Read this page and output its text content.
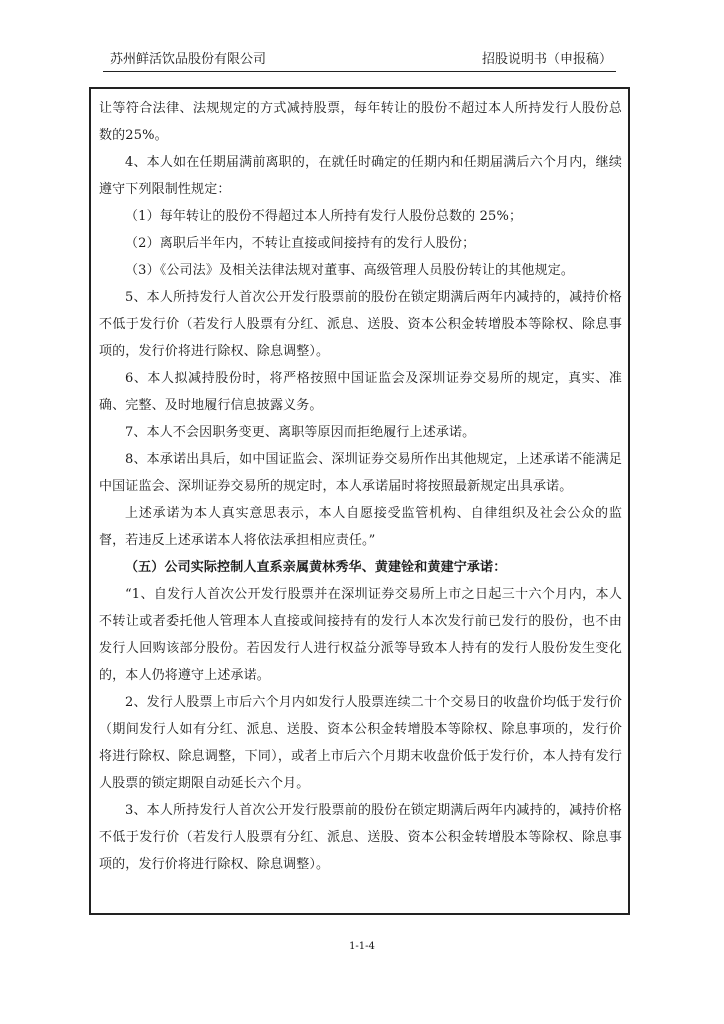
苏州鲜活饮品股份有限公司	招股说明书（申报稿）

让等符合法律、法规规定的方式减持股票，每年转让的股份不超过本人所持发行人股份总数的25%。

4、本人如在任期届满前离职的，在就任时确定的任期内和任期届满后六个月内，继续遵守下列限制性规定：

（1）每年转让的股份不得超过本人所持有发行人股份总数的 25%；

（2）离职后半年内，不转让直接或间接持有的发行人股份；

（3）《公司法》及相关法律法规对董事、高级管理人员股份转让的其他规定。

5、本人所持发行人首次公开发行股票前的股份在锁定期满后两年内减持的，减持价格不低于发行价（若发行人股票有分红、派息、送股、资本公积金转增股本等除权、除息事项的，发行价将进行除权、除息调整）。

6、本人拟减持股份时，将严格按照中国证监会及深圳证券交易所的规定，真实、准确、完整、及时地履行信息披露义务。

7、本人不会因职务变更、离职等原因而拒绝履行上述承诺。

8、本承诺出具后，如中国证监会、深圳证券交易所作出其他规定，上述承诺不能满足中国证监会、深圳证券交易所的规定时，本人承诺届时将按照最新规定出具承诺。

上述承诺为本人真实意思表示，本人自愿接受监管机构、自律组织及社会公众的监督，若违反上述承诺本人将依法承担相应责任。”

（五）公司实际控制人直系亲属黄林秀华、黄建铨和黄建宁承诺：

“1、自发行人首次公开发行股票并在深圳证券交易所上市之日起三十六个月内，本人不转让或者委托他人管理本人直接或间接持有的发行人本次发行前已发行的股份，也不由发行人回购该部分股份。若因发行人进行权益分派等导致本人持有的发行人股份发生变化的，本人仍将遵守上述承诺。

2、发行人股票上市后六个月内如发行人股票连续二十个交易日的收盘价均低于发行价（期间发行人如有分红、派息、送股、资本公积金转增股本等除权、除息事项的，发行价将进行除权、除息调整，下同），或者上市后六个月期末收盘价低于发行价，本人持有发行人股票的锁定期限自动延长六个月。

3、本人所持发行人首次公开发行股票前的股份在锁定期满后两年内减持的，减持价格不低于发行价（若发行人股票有分红、派息、送股、资本公积金转增股本等除权、除息事项的，发行价将进行除权、除息调整）。

1-1-4
